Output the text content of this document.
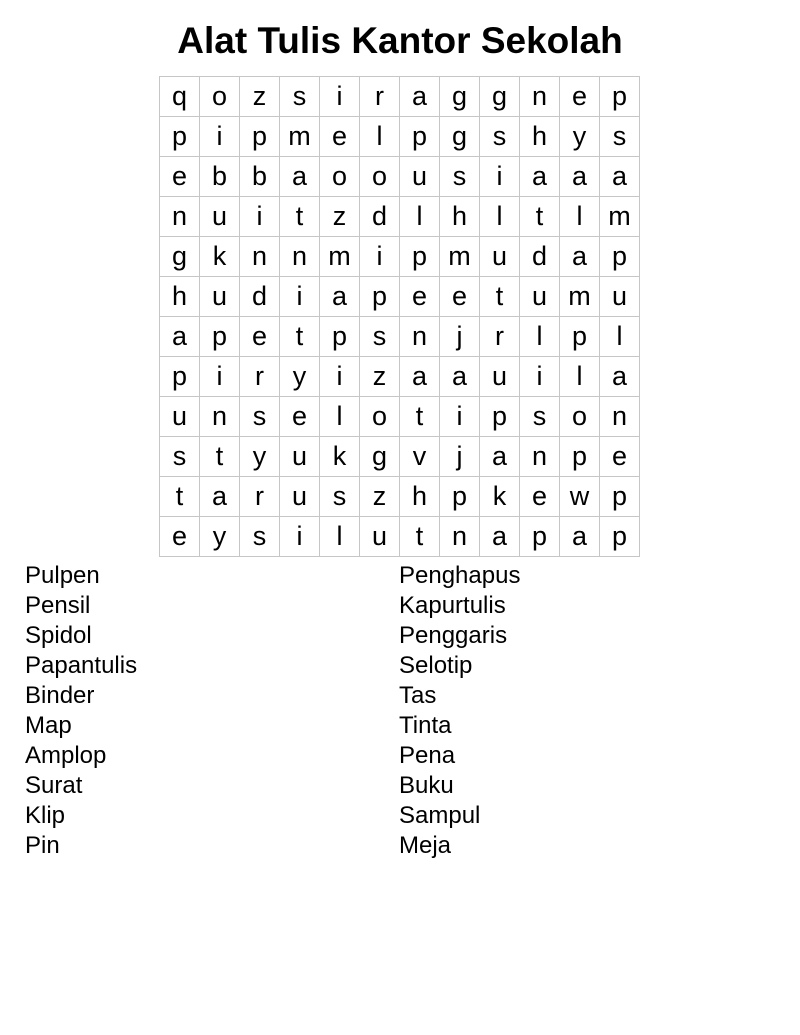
Alat Tulis Kantor Sekolah
q o z s	i	r	a g g n e p
p	i	p m e	l	p g s h y s
e b b a o o u s	i	a a a
n u	i	t	z d	l	h	l	t	l m
g k n n m i	p m u d a p
h u d	i	a p e e	t	u m u
a p e	t	p s n	j	r	l	p	l
p	i	r	y	i	z a a u	i	l	a
u n s e	l	o	t	i	p s o n
s	t	y u k g v	j	a n p e
t	a	r	u s z h p k e w p
e y s	i	l	u	t	n a p a p
Pulpen
Pensil
Spidol
Papantulis
Binder
Map
Amplop
Surat
Klip
Pin
Penghapus
Kapurtulis
Penggaris
Selotip
Tas
Tinta
Pena
Buku
Sampul
Meja
